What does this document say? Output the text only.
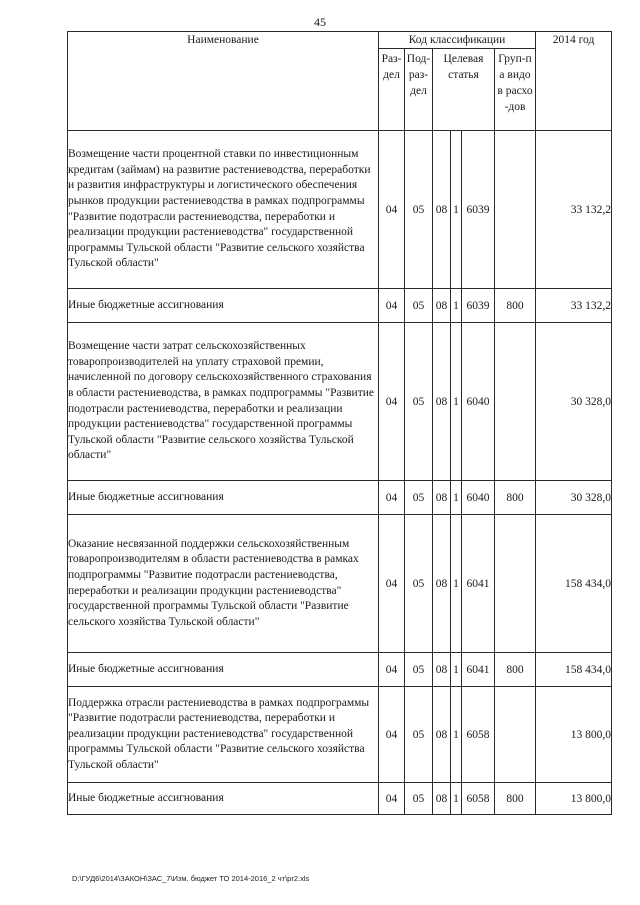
45
Наименование	Код классификации						2014 год

	Раз-дел	Под-раз-дел	Целевая статья			Груп-па видов расхо-дов	

Возмещение части процентной ставки по инвестиционным кредитам (займам) на развитие растениеводства, переработки и развития инфраструктуры и логистического обеспечения рынков продукции растениеводства в рамках подпрограммы "Развитие подотрасли растениеводства, переработки и реализации продукции растениеводства" государственной программы Тульской области "Развитие сельского хозяйства Тульской области"	04	05	08	1	6039		33 132,2
Иные бюджетные ассигнования	04	05	08	1	6039	800	33 132,2
Возмещение части затрат сельскохозяйственных товаропроизводителей на уплату страховой премии, начисленной по договору сельскохозяйственного страхования в области растениеводства, в рамках подпрограммы "Развитие подотрасли растениеводства, переработки и реализации продукции растениеводства" государственной программы Тульской области "Развитие сельского хозяйства Тульской области"	04	05	08	1	6040		30 328,0
Иные бюджетные ассигнования	04	05	08	1	6040	800	30 328,0
Оказание несвязанной поддержки сельскохозяйственным товаропроизводителям в области растениеводства в рамках подпрограммы "Развитие подотрасли растениеводства, переработки и реализации продукции растениеводства" государственной программы Тульской области "Развитие сельского хозяйства Тульской области"	04	05	08	1	6041		158 434,0
Иные бюджетные ассигнования	04	05	08	1	6041	800	158 434,0
Поддержка отрасли растениеводства в рамках подпрограммы "Развитие подотрасли растениеводства, переработки и реализации продукции растениеводства" государственной программы Тульской области "Развитие сельского хозяйства Тульской области"	04	05	08	1	6058		13 800,0
Иные бюджетные ассигнования	04	05	08	1	6058	800	13 800,0
D:\ГУД6\2014\ЗАКОН\ЗАС_7\Изм. бюджет ТО 2014-2016_2 чт\pr2.xls
